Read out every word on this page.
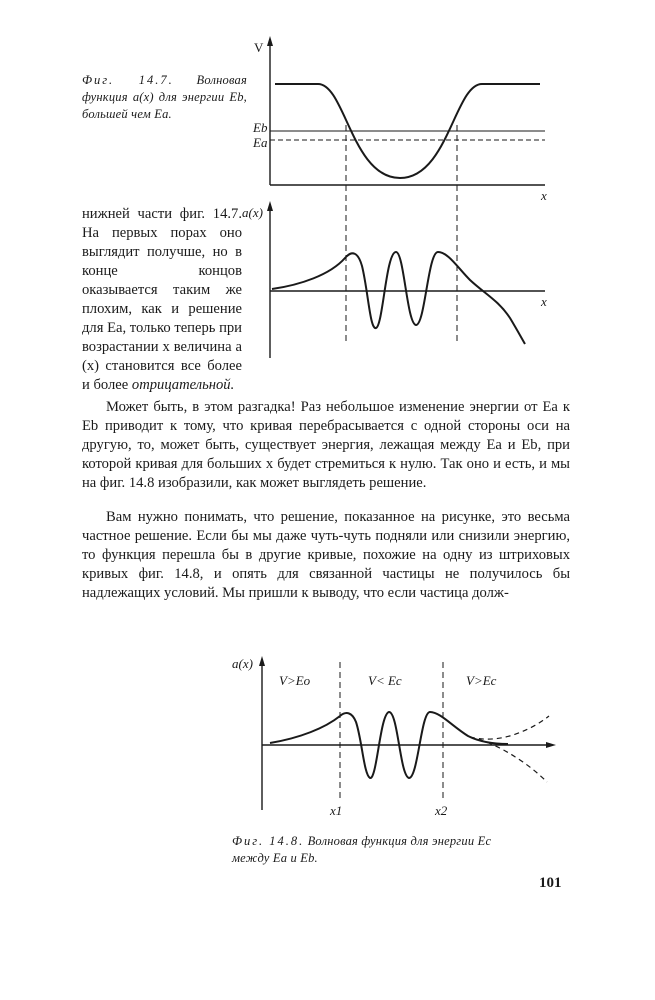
Фиг. 14.7. Волновая функция a(x) для энергии Eb, большей чем Ea.
нижней части фиг. 14.7. На первых порах оно выглядит получше, но в конце концов оказывается таким же плохим, как и решение для Ea, только теперь при возрастании x величина a (x) становится все более и более отрицательной.
Может быть, в этом разгадка! Раз небольшое изменение энергии от Ea к Eb приводит к тому, что кривая перебрасывается с одной стороны оси на другую, то, может быть, существует энергия, лежащая между Ea и Eb, при которой кривая для больших x будет стремиться к нулю. Так оно и есть, и мы на фиг. 14.8 изобразили, как может выглядеть решение.
Вам нужно понимать, что решение, показанное на рисунке, это весьма частное решение. Если бы мы даже чуть-чуть подняли или снизили энергию, то функция перешла бы в другие кривые, похожие на одну из штриховых кривых фиг. 14.8, и опять для связанной частицы не получилось бы надлежащих условий. Мы пришли к выводу, что если частица долж-
V
x
Eb
Ea
a(x)
x
a(x)
V>Eo	V< Ec	V>Ec
x1	x2
Фиг. 14.8. Волновая функция для энергии Ec между Ea и Eb.
101
